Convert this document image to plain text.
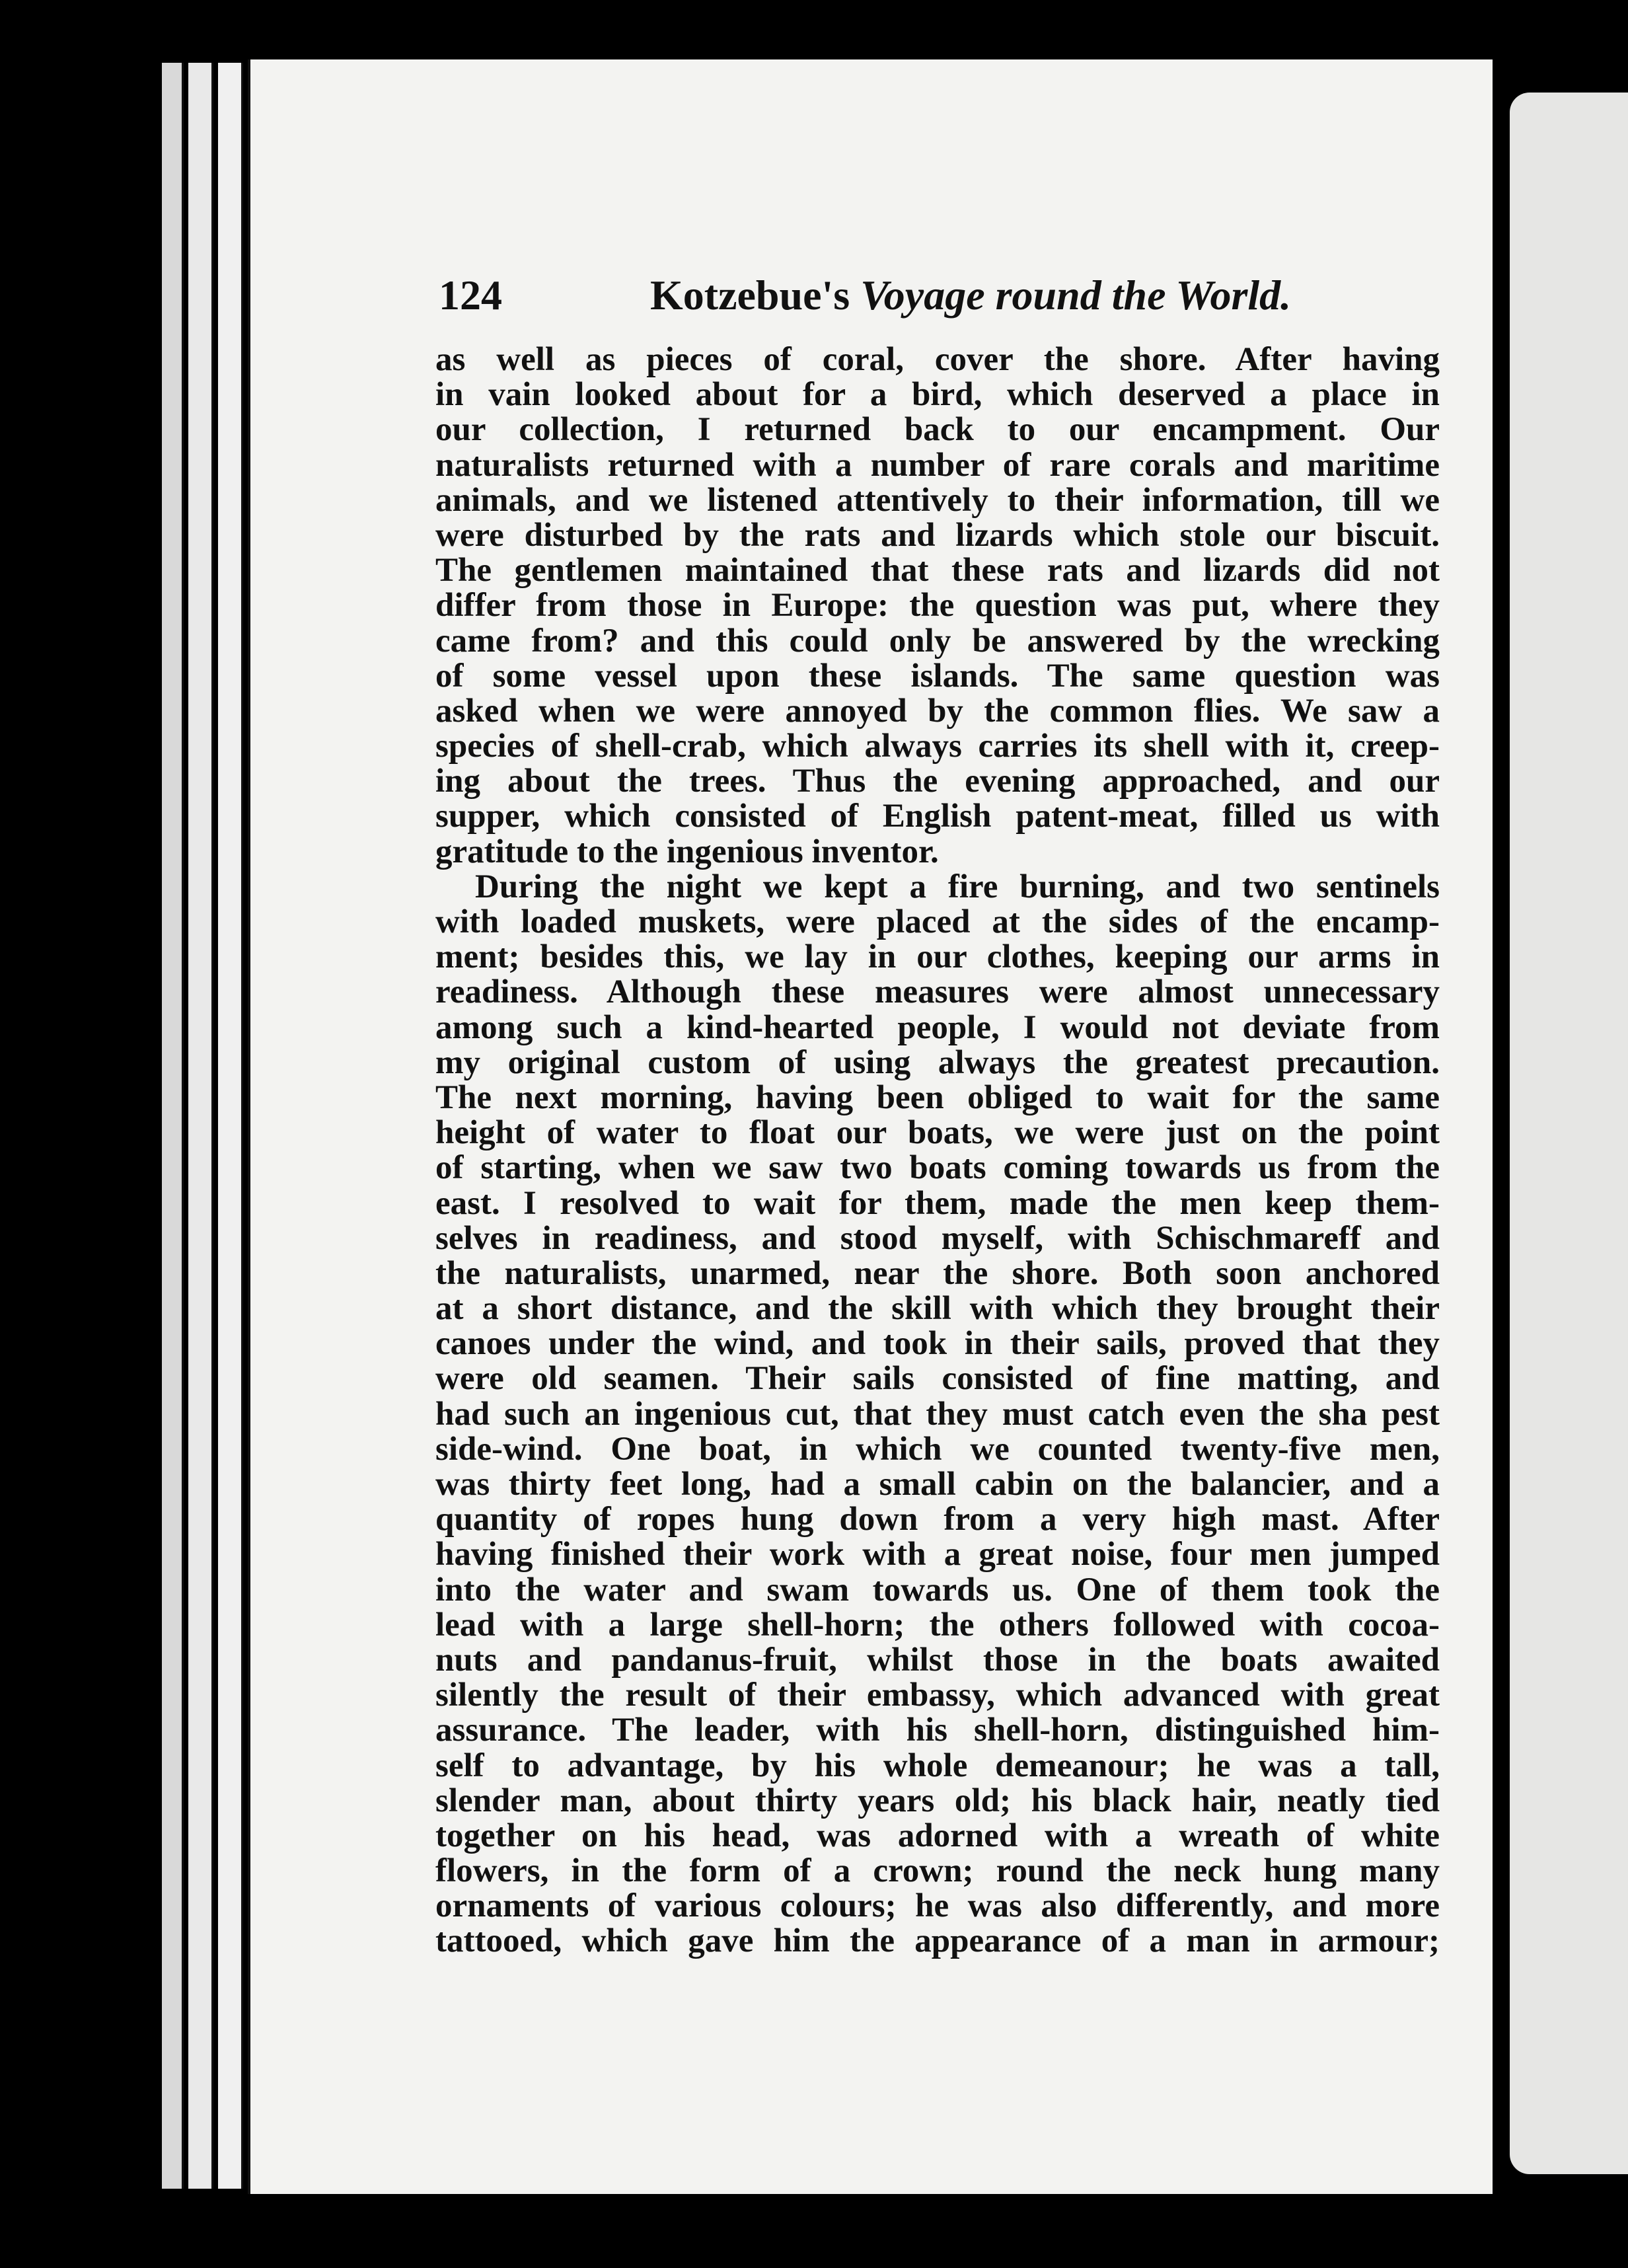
124	Kotzebue's Voyage round the World.
as well as pieces of coral, cover the shore. After having
in vain looked about for a bird, which deserved a place in
our collection, I returned back to our encampment. Our
naturalists returned with a number of rare corals and maritime
animals, and we listened attentively to their information, till we
were disturbed by the rats and lizards which stole our biscuit.
The gentlemen maintained that these rats and lizards did not
differ from those in Europe: the question was put, where they
came from? and this could only be answered by the wrecking
of some vessel upon these islands. The same question was
asked when we were annoyed by the common flies. We saw a
species of shell-crab, which always carries its shell with it, creep-
ing about the trees. Thus the evening approached, and our
supper, which consisted of English patent-meat, filled us with
gratitude to the ingenious inventor.
During the night we kept a fire burning, and two sentinels
with loaded muskets, were placed at the sides of the encamp-
ment; besides this, we lay in our clothes, keeping our arms in
readiness. Although these measures were almost unnecessary
among such a kind-hearted people, I would not deviate from
my original custom of using always the greatest precaution.
The next morning, having been obliged to wait for the same
height of water to float our boats, we were just on the point
of starting, when we saw two boats coming towards us from the
east. I resolved to wait for them, made the men keep them-
selves in readiness, and stood myself, with Schischmareff and
the naturalists, unarmed, near the shore. Both soon anchored
at a short distance, and the skill with which they brought their
canoes under the wind, and took in their sails, proved that they
were old seamen. Their sails consisted of fine matting, and
had such an ingenious cut, that they must catch even the sha pest
side-wind. One boat, in which we counted twenty-five men,
was thirty feet long, had a small cabin on the balancier, and a
quantity of ropes hung down from a very high mast. After
having finished their work with a great noise, four men jumped
into the water and swam towards us. One of them took the
lead with a large shell-horn; the others followed with cocoa-
nuts and pandanus-fruit, whilst those in the boats awaited
silently the result of their embassy, which advanced with great
assurance. The leader, with his shell-horn, distinguished him-
self to advantage, by his whole demeanour; he was a tall,
slender man, about thirty years old; his black hair, neatly tied
together on his head, was adorned with a wreath of white
flowers, in the form of a crown; round the neck hung many
ornaments of various colours; he was also differently, and more
tattooed, which gave him the appearance of a man in armour;
